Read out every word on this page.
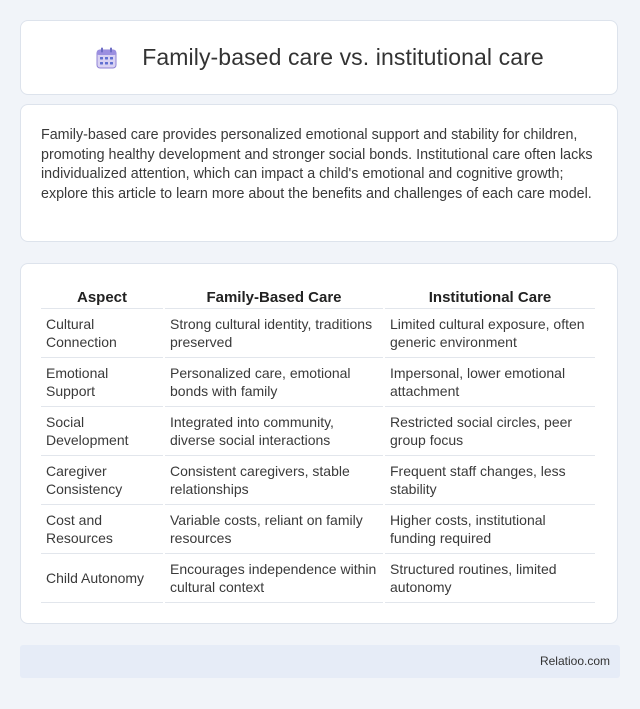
Family-based care vs. institutional care

Family-based care provides personalized emotional support and stability for children, promoting healthy development and stronger social bonds. Institutional care often lacks individualized attention, which can impact a child's emotional and cognitive growth; explore this article to learn more about the benefits and challenges of each care model.

Aspect	Family-Based Care	Institutional Care
Cultural Connection	Strong cultural identity, traditions preserved	Limited cultural exposure, often generic environment
Emotional Support	Personalized care, emotional bonds with family	Impersonal, lower emotional attachment
Social Development	Integrated into community, diverse social interactions	Restricted social circles, peer group focus
Caregiver Consistency	Consistent caregivers, stable relationships	Frequent staff changes, less stability
Cost and Resources	Variable costs, reliant on family resources	Higher costs, institutional funding required
Child Autonomy	Encourages independence within cultural context	Structured routines, limited autonomy
Relatioo.com
